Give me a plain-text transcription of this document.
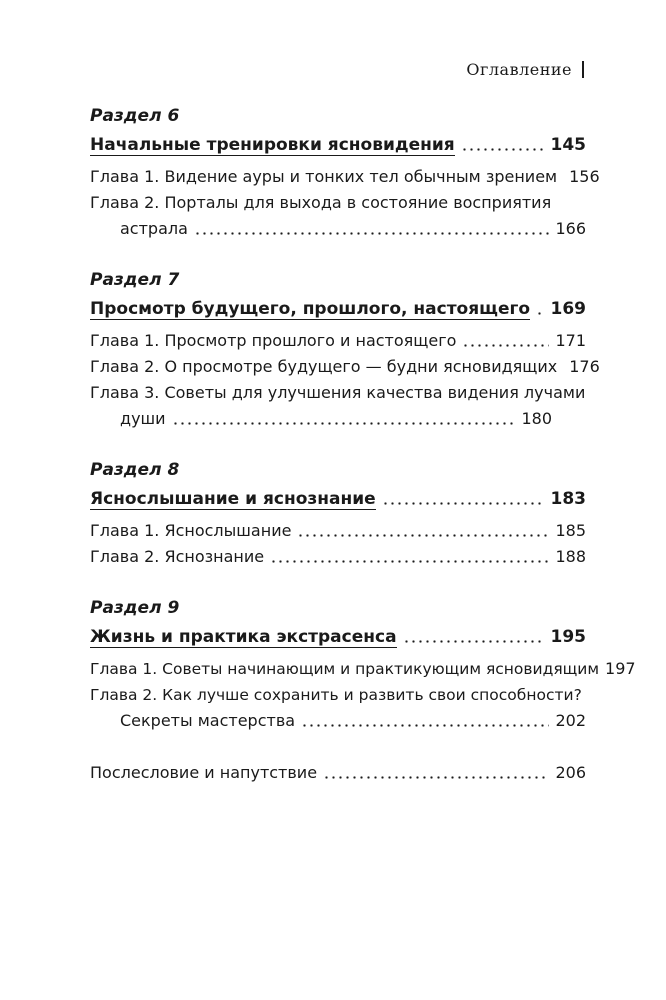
Оглавление
Раздел 6
Начальные тренировки ясновидения	145
Глава 1. Видение ауры и тонких тел обычным зрением 156
Глава 2. Порталы для выхода в состояние восприятия
астрала	166
Раздел 7
Просмотр будущего, прошлого, настоящего 169
Глава 1. Просмотр прошлого и настоящего	171
Глава 2. О просмотре будущего — будни ясновидящих 176
Глава 3. Советы для улучшения качества видения лучами
души	180
Раздел 8
Яснослышание и яснознание	183
Глава 1. Яснослышание	185
Глава 2. Яснознание	188
Раздел 9
Жизнь и практика экстрасенса	195
Глава 1. Советы начинающим и практикующим ясновидящим 197
Глава 2. Как лучше сохранить и развить свои способности?
Секреты мастерства	202
Послесловие и напутствие	206
